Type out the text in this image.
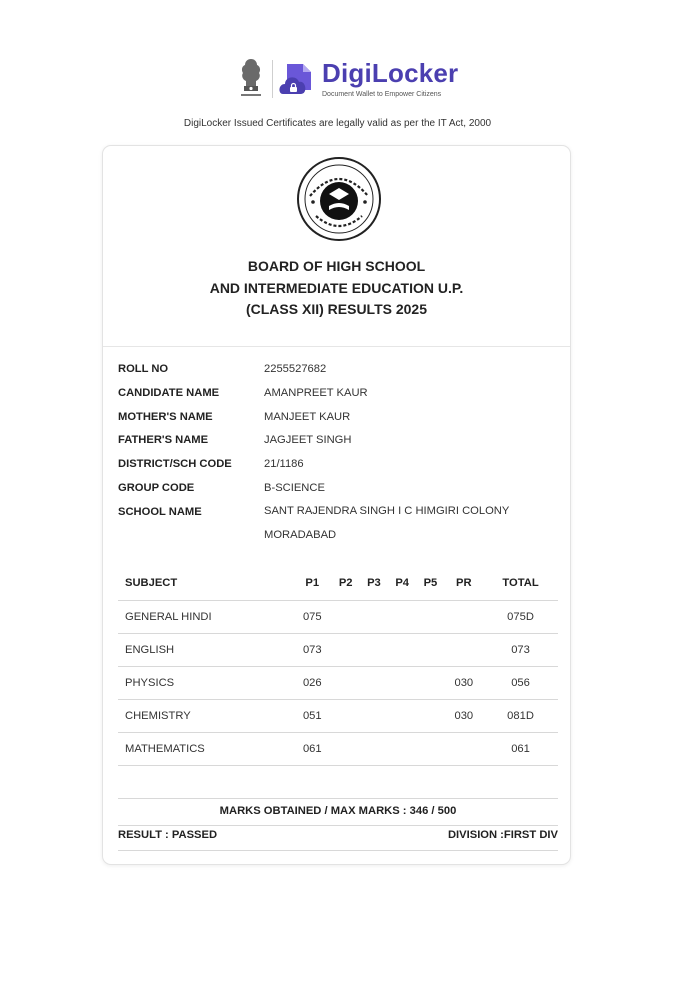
DigiLocker
Document Wallet to Empower Citizens
DigiLocker Issued Certificates are legally valid as per the IT Act, 2000
BOARD OF HIGH SCHOOL
AND INTERMEDIATE EDUCATION U.P.
(CLASS XII) RESULTS 2025
ROLL NO	2255527682
CANDIDATE NAME	AMANPREET KAUR
MOTHER'S NAME	MANJEET KAUR
FATHER'S NAME	JAGJEET SINGH
DISTRICT/SCH CODE	21/1186
GROUP CODE	B-SCIENCE
SCHOOL NAME	SANT RAJENDRA SINGH I C HIMGIRI COLONY MORADABAD
SUBJECT	P1	P2	P3	P4	P5	PR	TOTAL
GENERAL HINDI	075						075D
ENGLISH	073						073
PHYSICS	026					030	056
CHEMISTRY	051					030	081D
MATHEMATICS	061						061
MARKS OBTAINED / MAX MARKS : 346 / 500
RESULT : PASSED	DIVISION :FIRST DIV
